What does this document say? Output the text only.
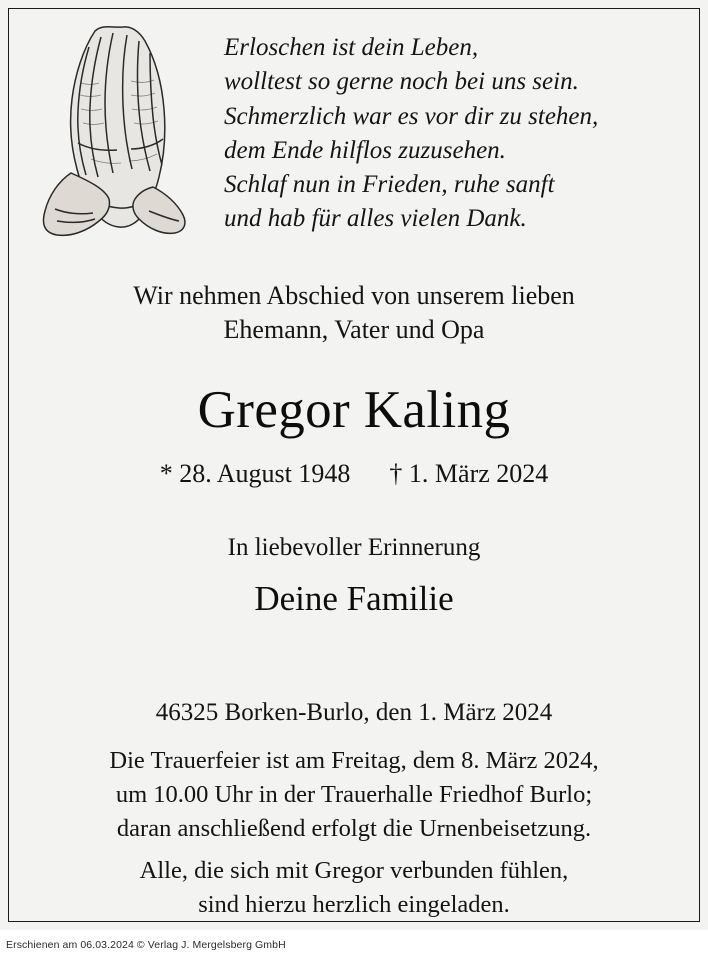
Erloschen ist dein Leben,
wolltest so gerne noch bei uns sein.
Schmerzlich war es vor dir zu stehen,
dem Ende hilflos zuzusehen.
Schlaf nun in Frieden, ruhe sanft
und hab für alles vielen Dank.
Wir nehmen Abschied von unserem lieben
Ehemann, Vater und Opa
Gregor Kaling
* 28. August 1948 † 1. März 2024
In liebevoller Erinnerung
Deine Familie
46325 Borken-Burlo, den 1. März 2024
Die Trauerfeier ist am Freitag, dem 8. März 2024,
um 10.00 Uhr in der Trauerhalle Friedhof Burlo;
daran anschließend erfolgt die Urnenbeisetzung.
Alle, die sich mit Gregor verbunden fühlen,
sind hierzu herzlich eingeladen.
Erschienen am 06.03.2024 © Verlag J. Mergelsberg GmbH
